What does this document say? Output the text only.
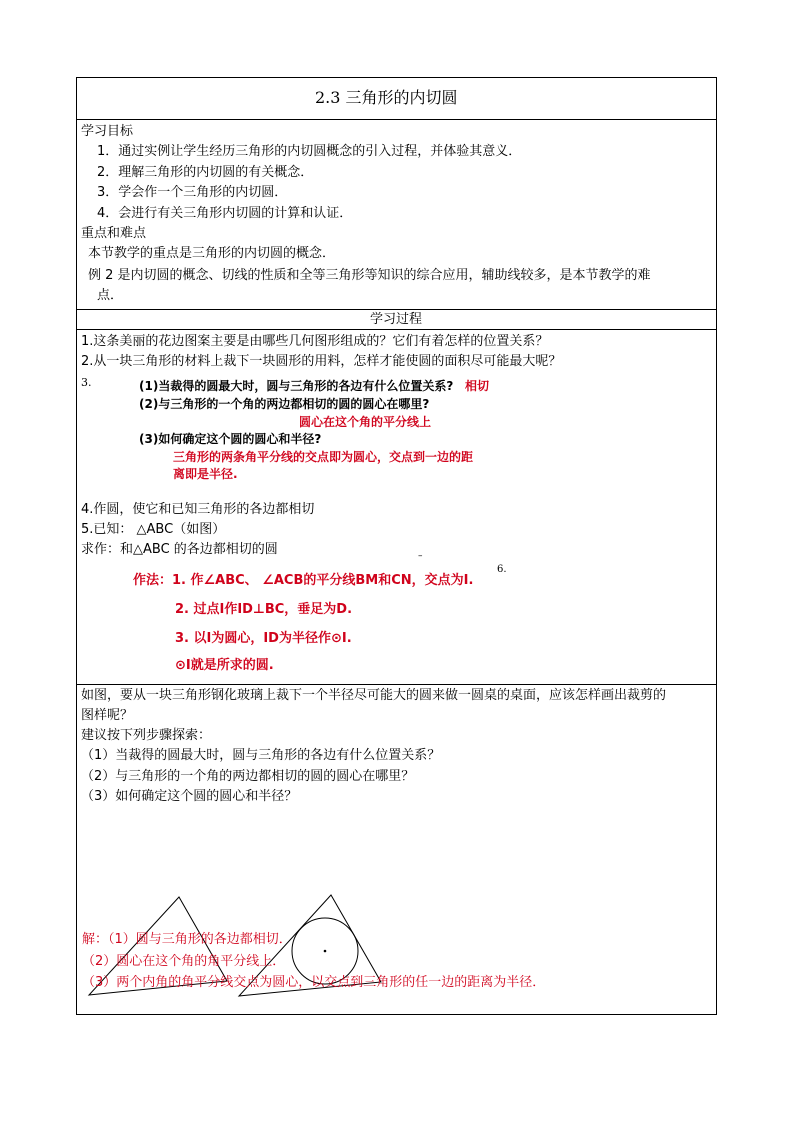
2.3 三角形的内切圆
学习目标
1．通过实例让学生经历三角形的内切圆概念的引入过程，并体验其意义．
2．理解三角形的内切圆的有关概念．
3．学会作一个三角形的内切圆．
4．会进行有关三角形内切圆的计算和认证．
重点和难点
本节教学的重点是三角形的内切圆的概念．
例 2 是内切圆的概念、切线的性质和全等三角形等知识的综合应用，辅助线较多，是本节教学的难
点．
学习过程
1.这条美丽的花边图案主要是由哪些几何图形组成的？它们有着怎样的位置关系？
2.从一块三角形的材料上裁下一块圆形的用料，怎样才能使圆的面积尽可能最大呢？
3.	(1)当裁得的圆最大时，圆与三角形的各边有什么位置关系? 相切
(2)与三角形的一个角的两边都相切的圆的圆心在哪里?
圆心在这个角的平分线上
(3)如何确定这个圆的圆心和半径?
三角形的两条角平分线的交点即为圆心，交点到一边的距
离即是半径.
4.作圆，使它和已知三角形的各边都相切
5.已知： △ABC（如图）
求作：和△ABC 的各边都相切的圆	–
6.
作法：1. 作∠ABC、 ∠ACB的平分线BM和CN，交点为I.
2. 过点I作ID⊥BC，垂足为D.
3. 以I为圆心，ID为半径作⊙I.
⊙I就是所求的圆.
如图，要从一块三角形钢化玻璃上裁下一个半径尽可能大的圆来做一圆桌的桌面，应该怎样画出裁剪的
图样呢？
建议按下列步骤探索：
（1）当裁得的圆最大时，圆与三角形的各边有什么位置关系？
（2）与三角形的一个角的两边都相切的圆的圆心在哪里？
（3）如何确定这个圆的圆心和半径？
解：（1）圆与三角形的各边都相切．
（2）圆心在这个角的角平分线上．
（3）两个内角的角平分线交点为圆心，以交点到三角形的任一边的距离为半径．
